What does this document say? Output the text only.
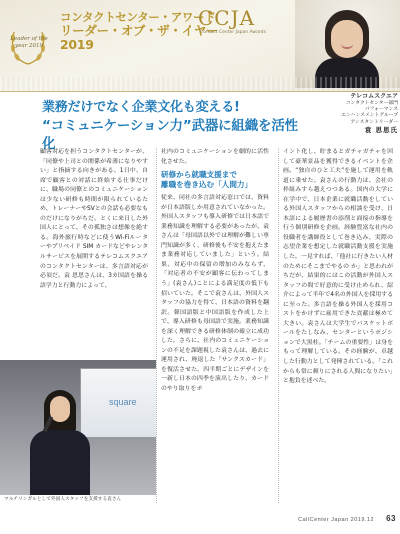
Leader of the year 2019
コンタクトセンター・アワード
リーダー・オブ・ザ・イヤー2019
CCJA
Contact Center Japan Awards
テレコムスクエア
コンタクトセンター部門
パフォーマンス
エンハンスメントグループ
アシスタントリーダー
袁 思思氏
業務だけでなく企業文化も変える!
“コミュニケーション力”武器に組織を活性化
顧客対応を担うコンタクトセンターが、「同僚や上司との関係が希薄になりやすい」と指摘する向きがある。1日中、自席で顧客との対話に終始する仕事だけに、職場の同僚とのコミュニケーションは少ない研修も時間が限られているため、トレーナーやSVとの会話も必要なものだけになりがちだ。とくに来日した外国人にとって、その孤独さは想像を絶する。海外旅行時などに使うWi-Fiルーターやプリペイド SIM カードなどやレンタルサービスを展開するテレコムスクエアのコンタクトセンターは、多言語対応が必須だ。袁 思思さんは、3カ国語を操る語学力と行動力によって、
社内のコミュニケーションを劇的に活性化させた。
研修から就職支援まで
離職を巻き込む「人間力」
従来、同社の多言語対応窓口では、資料が日本語版しか用意されていなかった。外国人スタッフも導入研修では日本語で業務知識を理解する必要があったが、袁さんは「母国語以外では理解が難しい専門知識が多く、研修後も不安を抱えたまま業務対応していました」という。結果、対応中の保留の増加のみならず、「対応者の不安が顧客に伝わってしまう」(袁さん)ことによる満足度の低下も招いていた。そこで袁さんは、外国人スタッフの協力を得て、日本語の資料を翻訳。韓国語版と中国語版を作成した上で、導入研修も母国語で実施。業務知識を深く理解できる研修体制の確立に成功した。さらに、社内のコミュニケーションの不足を課題視した袁さんは、過去に運用され、廃退した「サンクスカード」を復活させた。四半期ごとにデザインを一新し日本の四季を演出したり、カードのやり取りをポ
イント化し、貯まるとガチャガチャを回して豪華景品を獲得できるイベントを企画。“独自のひと工夫”を施して運用を軌道に乗せた。袁さんの行動力は、会社の枠組みすら越えつつある。国内の大学に在学中で、日本企業に就職活動をしている外国人スタッフからの相談を受け、日本語による履歴書の添削と面接の指導を行う個別研修を企画。経験豊富な社内の役職者を講師役として巻き込み、実際の志望企業を想定した就職活動支援を実施した。一見すれば、「他社に行きたい人材のためにそこまでやるの か」と思われがちだが、結果的にはこの活動が外国人スタッフの間で好意的に受け止められ、紹介によって半年で4名の外国人を採用するに至った。多言語を操る外国人を採用コストをかけずに雇用できた貢献は極めて大きい。袁さんは大学生でバスケットボールをたしなみ、センターというポジションで大黒柱。「チームの重要性」は身をもって理解している。その経験が、卓越した行動力として発揮されている。「これからも常に頼りにされる人間になりたい」と抱負を述べた。
square
マルチリンガルとして外国人スタッフを支援する袁さん
CallCenter Japan 2019.12 63
